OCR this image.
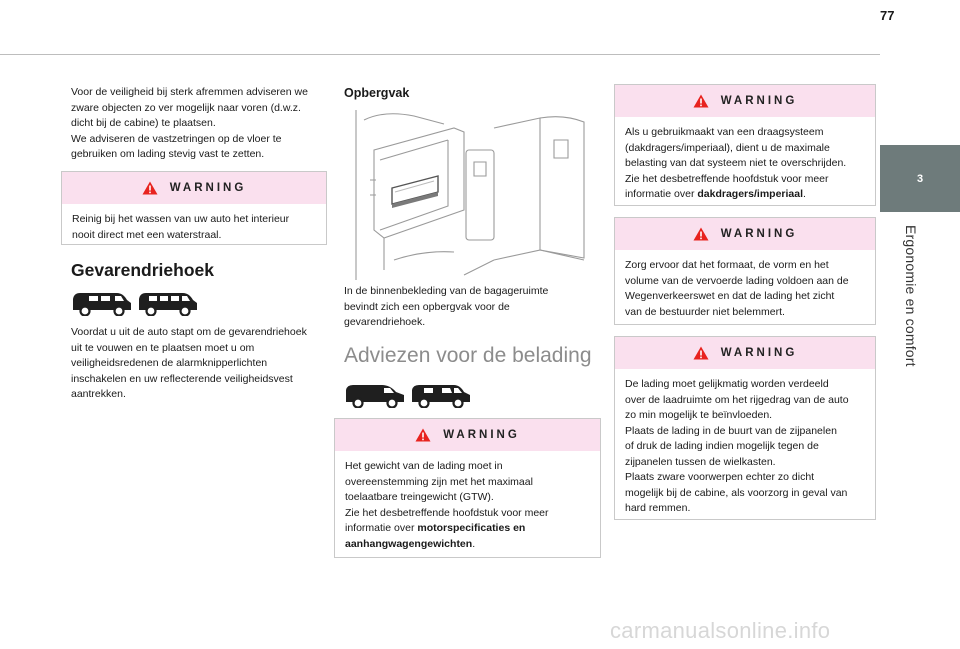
77
3
Ergonomie en comfort

Voor de veiligheid bij sterk afremmen adviseren we

zware objecten zo ver mogelijk naar voren (d.w.z.

dicht bij de cabine) te plaatsen.

We adviseren de vastzetringen op de vloer te

gebruiken om lading stevig vast te zetten.

WARNING
Reinig bij het wassen van uw auto het interieur
nooit direct met een waterstraal.
Gevarendriehoek

Voordat u uit de auto stapt om de gevarendriehoek

uit te vouwen en te plaatsen moet u om

veiligheidsredenen de alarmknipperlichten

inschakelen en uw reflecterende veiligheidsvest

aantrekken.

Opbergvak

In de binnenbekleding van de bagageruimte

bevindt zich een opbergvak voor de

gevarendriehoek.

Adviezen voor de belading
WARNING
Het gewicht van de lading moet in
overeenstemming zijn met het maximaal
toelaatbare treingewicht (GTW).
Zie het desbetreffende hoofdstuk voor meer
informatie over motorspecificaties en
aanhangwagengewichten.
WARNING
Als u gebruikmaakt van een draagsysteem
(dakdragers/imperiaal), dient u de maximale
belasting van dat systeem niet te overschrijden.
Zie het desbetreffende hoofdstuk voor meer
informatie over dakdragers/imperiaal.
WARNING
Zorg ervoor dat het formaat, de vorm en het
volume van de vervoerde lading voldoen aan de
Wegenverkeerswet en dat de lading het zicht
van de bestuurder niet belemmert.
WARNING
De lading moet gelijkmatig worden verdeeld
over de laadruimte om het rijgedrag van de auto
zo min mogelijk te beïnvloeden.
Plaats de lading in de buurt van de zijpanelen
of druk de lading indien mogelijk tegen de
zijpanelen tussen de wielkasten.
Plaats zware voorwerpen echter zo dicht
mogelijk bij de cabine, als voorzorg in geval van
hard remmen.
carmanualsonline.info
